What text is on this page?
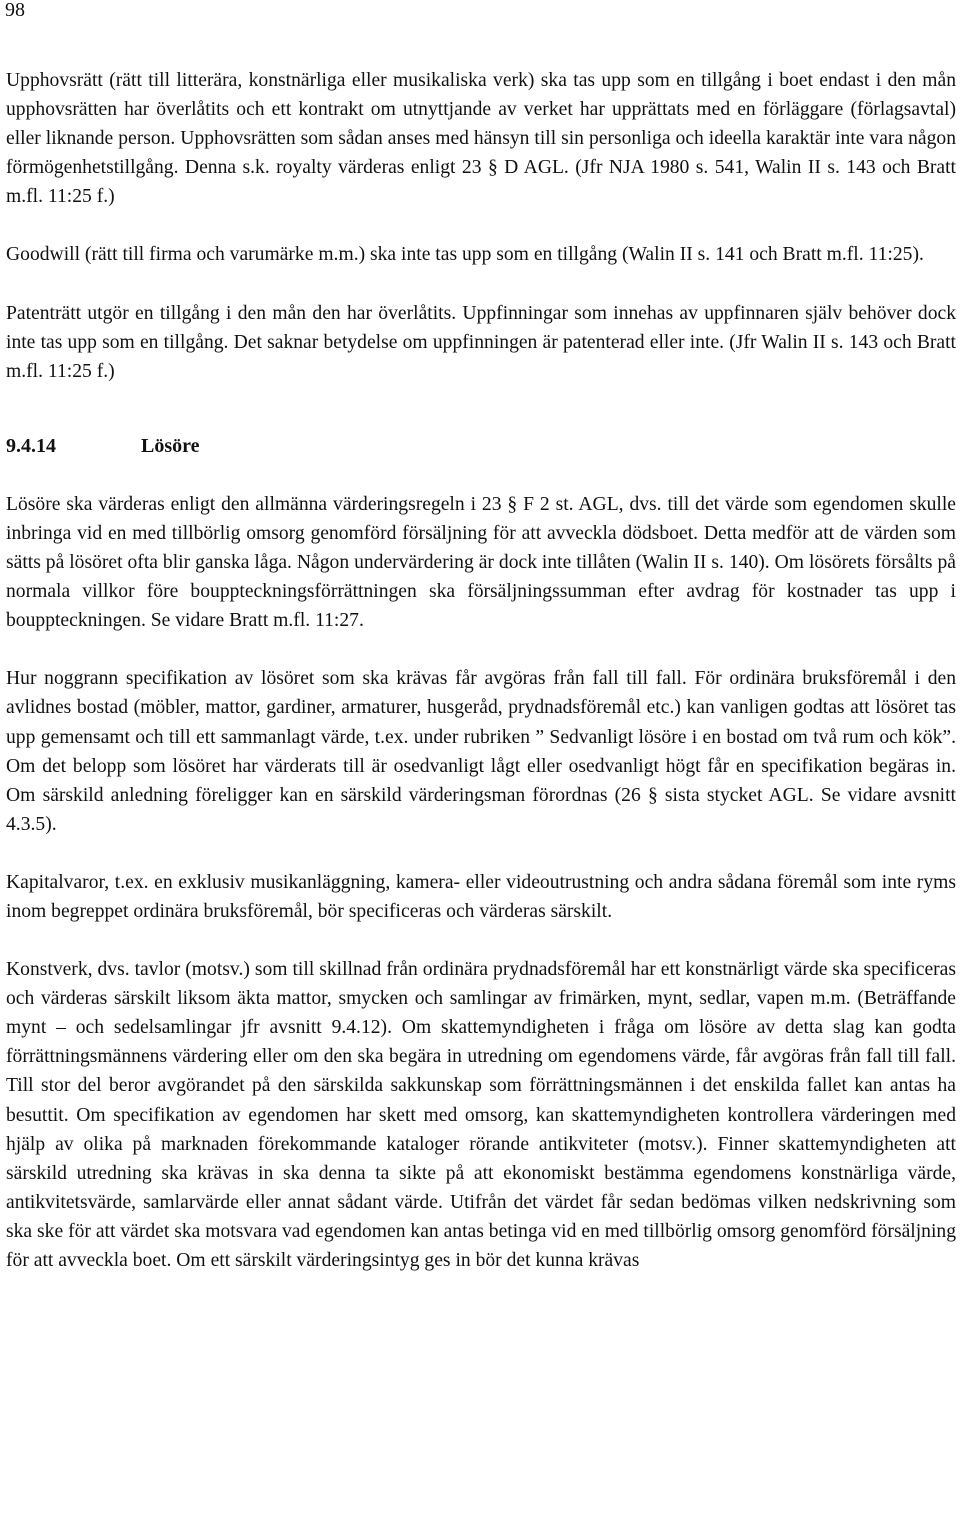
98

Upphovsrätt (rätt till litterära, konstnärliga eller musikaliska verk) ska tas upp som en tillgång i boet endast i den mån upphovsrätten har överlåtits och ett kontrakt om utnyttjande av verket har upprättats med en förläggare (förlagsavtal) eller liknande person. Upphovsrätten som sådan anses med hänsyn till sin personliga och ideella karaktär inte vara någon förmögenhetstillgång. Denna s.k. royalty värderas enligt 23 § D AGL. (Jfr NJA 1980 s. 541, Walin II s. 143 och Bratt m.fl. 11:25 f.)

Goodwill (rätt till firma och varumärke m.m.) ska inte tas upp som en tillgång (Walin II s. 141 och Bratt m.fl. 11:25).

Patenträtt utgör en tillgång i den mån den har överlåtits. Uppfinningar som innehas av uppfinnaren själv behöver dock inte tas upp som en tillgång. Det saknar betydelse om uppfinningen är patenterad eller inte. (Jfr Walin II s. 143 och Bratt m.fl. 11:25 f.)

9.4.14	Lösöre

Lösöre ska värderas enligt den allmänna värderingsregeln i 23 § F 2 st. AGL, dvs. till det värde som egendomen skulle inbringa vid en med tillbörlig omsorg genomförd försäljning för att avveckla dödsboet. Detta medför att de värden som sätts på lösöret ofta blir ganska låga. Någon undervärdering är dock inte tillåten (Walin II s. 140). Om lösörets försålts på normala villkor före bouppteckningsförrättningen ska försäljningssumman efter avdrag för kostnader tas upp i bouppteckningen. Se vidare Bratt m.fl. 11:27.

Hur noggrann specifikation av lösöret som ska krävas får avgöras från fall till fall. För ordinära bruksföremål i den avlidnes bostad (möbler, mattor, gardiner, armaturer, husgeråd, prydnadsföremål etc.) kan vanligen godtas att lösöret tas upp gemensamt och till ett sammanlagt värde, t.ex. under rubriken ” Sedvanligt lösöre i en bostad om två rum och kök”. Om det belopp som lösöret har värderats till är osedvanligt lågt eller osedvanligt högt får en specifikation begäras in. Om särskild anledning föreligger kan en särskild värderingsman förordnas (26 § sista stycket AGL. Se vidare avsnitt 4.3.5).

Kapitalvaror, t.ex. en exklusiv musikanläggning, kamera- eller videoutrustning och andra sådana föremål som inte ryms inom begreppet ordinära bruksföremål, bör specificeras och värderas särskilt.

Konstverk, dvs. tavlor (motsv.) som till skillnad från ordinära prydnadsföremål har ett konstnärligt värde ska specificeras och värderas särskilt liksom äkta mattor, smycken och samlingar av frimärken, mynt, sedlar, vapen m.m. (Beträffande mynt – och sedelsamlingar jfr avsnitt 9.4.12). Om skattemyndigheten i fråga om lösöre av detta slag kan godta förrättningsmännens värdering eller om den ska begära in utredning om egendomens värde, får avgöras från fall till fall. Till stor del beror avgörandet på den särskilda sakkunskap som förrättningsmännen i det enskilda fallet kan antas ha besuttit. Om specifikation av egendomen har skett med omsorg, kan skattemyndigheten kontrollera värderingen med hjälp av olika på marknaden förekommande kataloger rörande antikviteter (motsv.). Finner skattemyndigheten att särskild utredning ska krävas in ska denna ta sikte på att ekonomiskt bestämma egendomens konstnärliga värde, antikvitetsvärde, samlarvärde eller annat sådant värde. Utifrån det värdet får sedan bedömas vilken nedskrivning som ska ske för att värdet ska motsvara vad egendomen kan antas betinga vid en med tillbörlig omsorg genomförd försäljning för att avveckla boet. Om ett särskilt värderingsintyg ges in bör det kunna krävas
